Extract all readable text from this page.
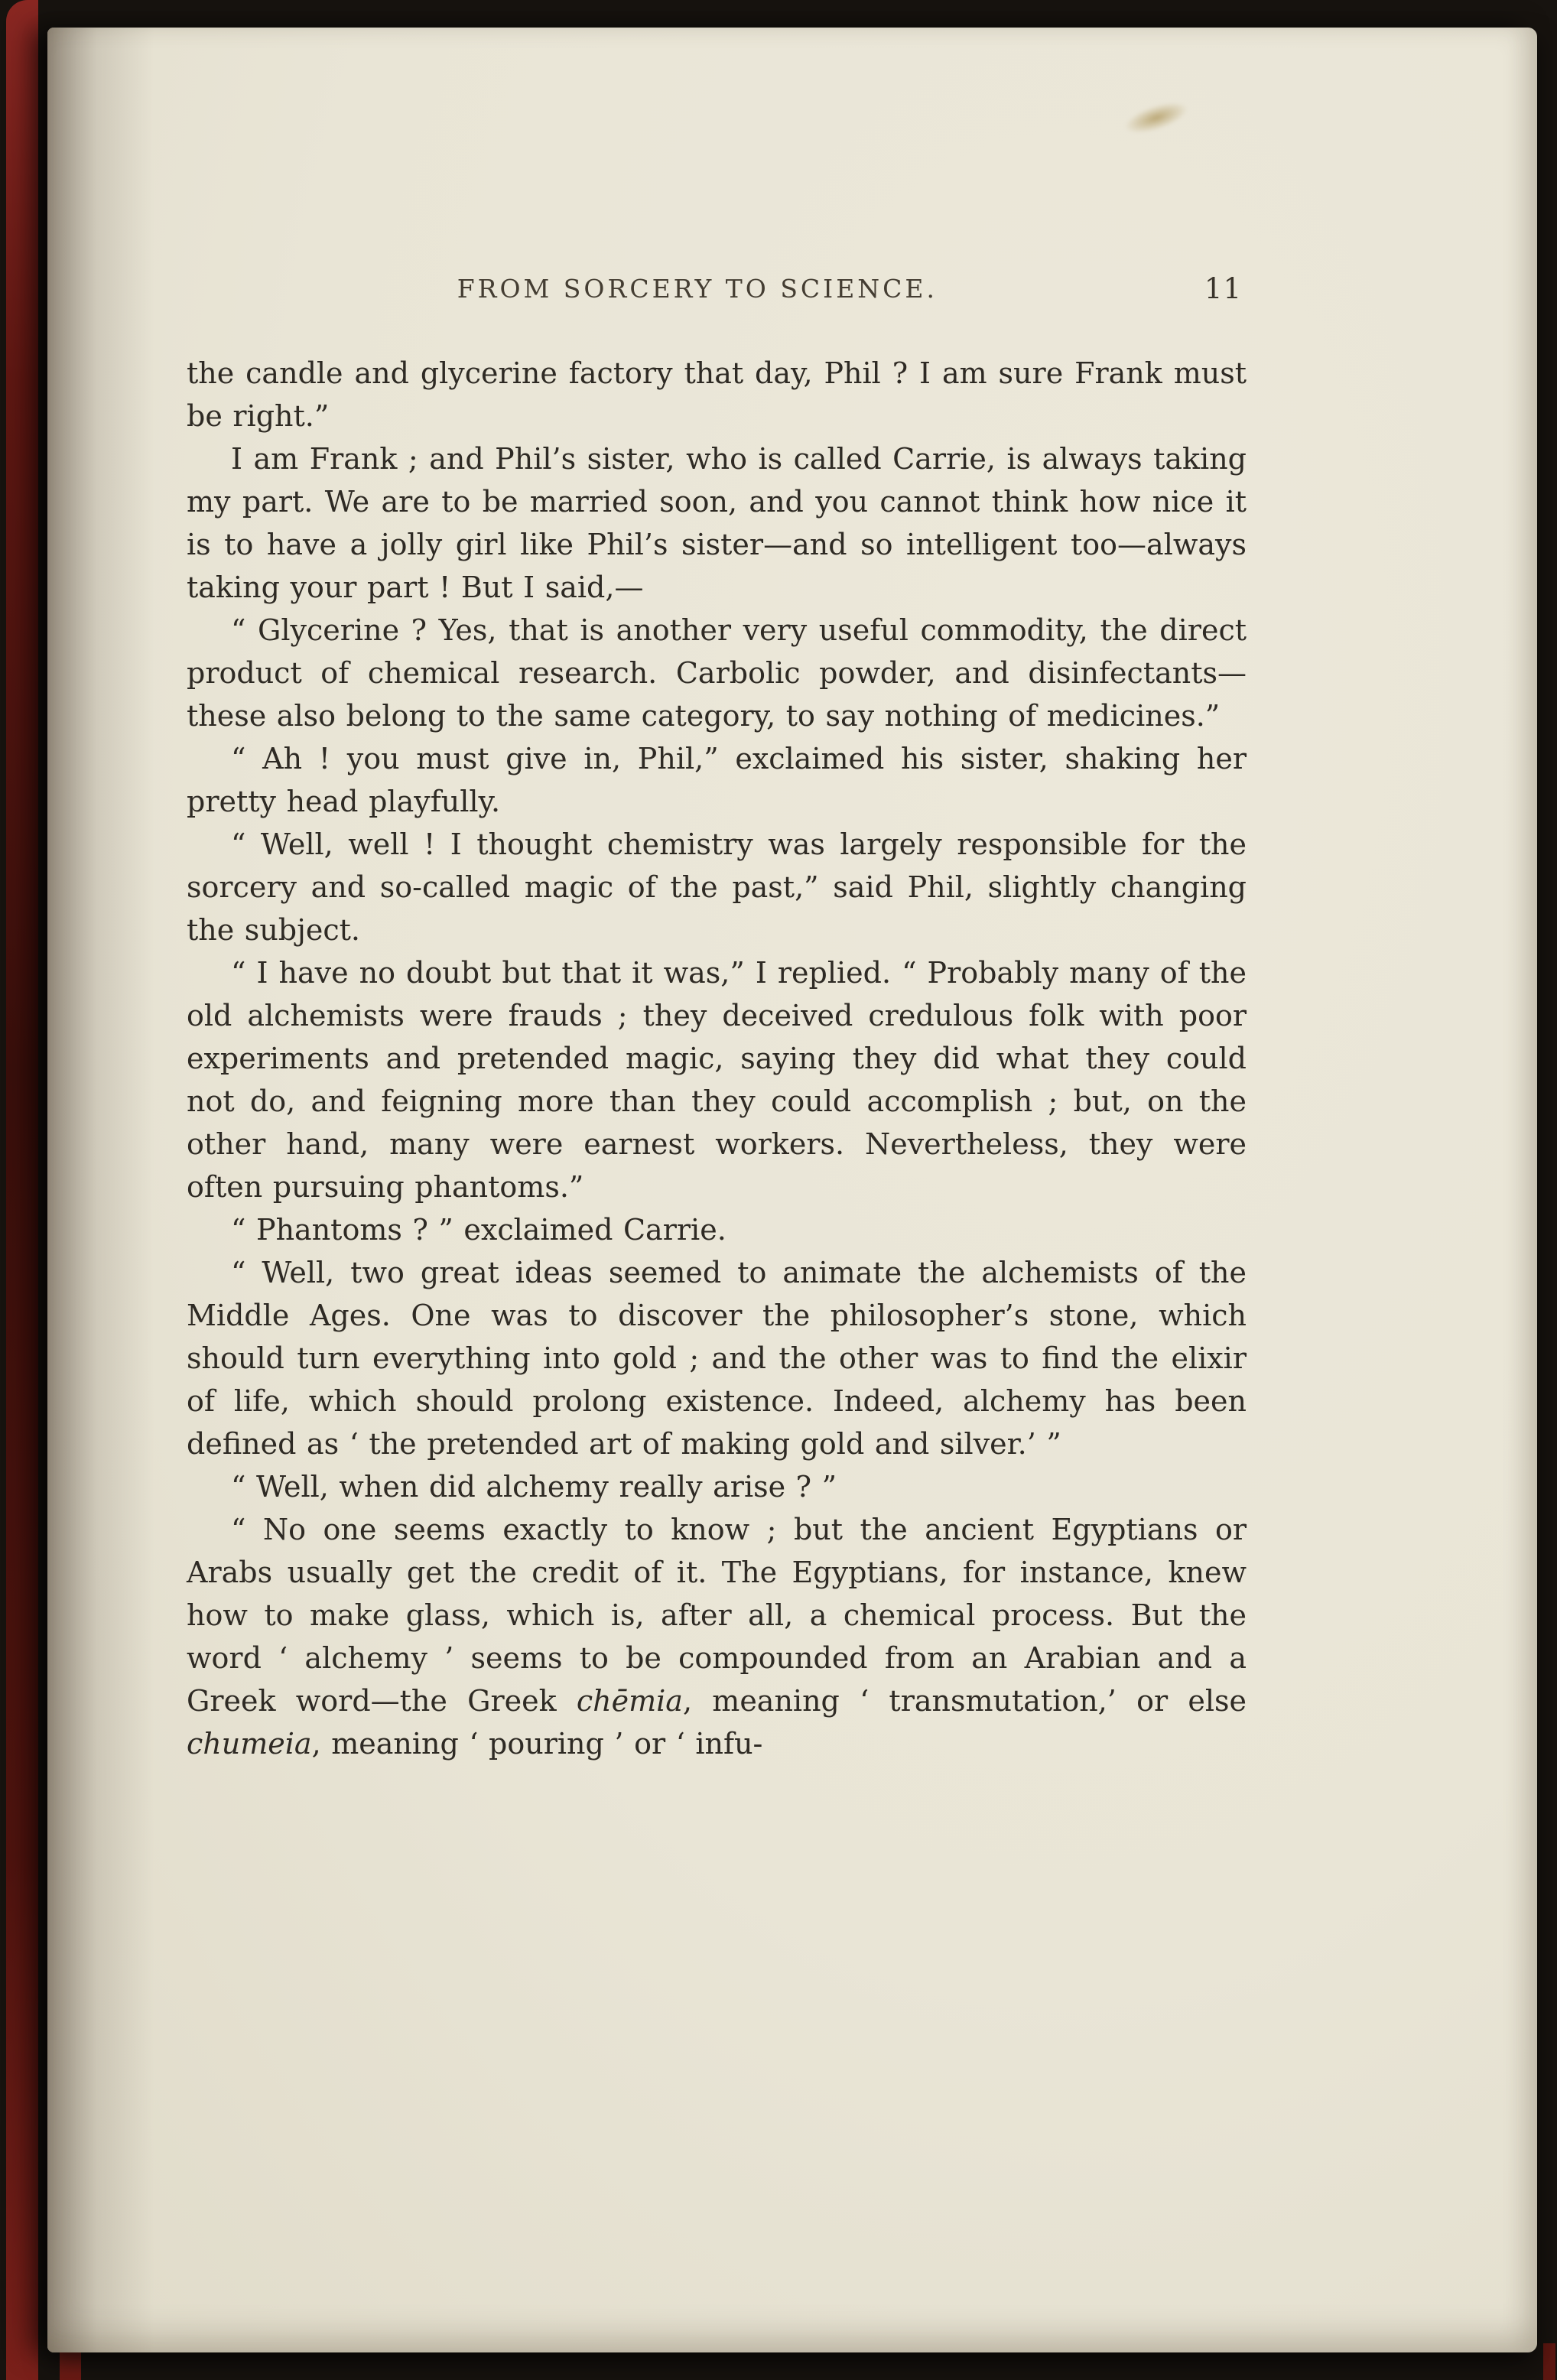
FROM SORCERY TO SCIENCE.	11

the candle and glycerine factory that day, Phil ? I am sure Frank must be right.”

I am Frank ; and Phil’s sister, who is called Carrie, is always taking my part. We are to be married soon, and you cannot think how nice it is to have a jolly girl like Phil’s sister—and so intelligent too—always taking your part ! But I said,—

“ Glycerine ? Yes, that is another very useful commodity, the direct product of chemical research. Carbolic powder, and disinfectants—these also belong to the same category, to say nothing of medicines.”

“ Ah ! you must give in, Phil,” exclaimed his sister, shaking her pretty head playfully.

“ Well, well ! I thought chemistry was largely responsible for the sorcery and so-called magic of the past,” said Phil, slightly changing the subject.

“ I have no doubt but that it was,” I replied. “ Probably many of the old alchemists were frauds ; they deceived credulous folk with poor experiments and pretended magic, saying they did what they could not do, and feigning more than they could accomplish ; but, on the other hand, many were earnest workers. Nevertheless, they were often pursuing phantoms.”

“ Phantoms ? ” exclaimed Carrie.

“ Well, two great ideas seemed to animate the alchemists of the Middle Ages. One was to discover the philosopher’s stone, which should turn everything into gold ; and the other was to find the elixir of life, which should prolong existence. Indeed, alchemy has been defined as ‘ the pretended art of making gold and silver.’ ”

“ Well, when did alchemy really arise ? ”

“ No one seems exactly to know ; but the ancient Egyptians or Arabs usually get the credit of it. The Egyptians, for instance, knew how to make glass, which is, after all, a chemical process. But the word ‘ alchemy ’ seems to be compounded from an Arabian and a Greek word—the Greek chēmia, meaning ‘ transmutation,’ or else chumeia, meaning ‘ pouring ’ or ‘ infu-
